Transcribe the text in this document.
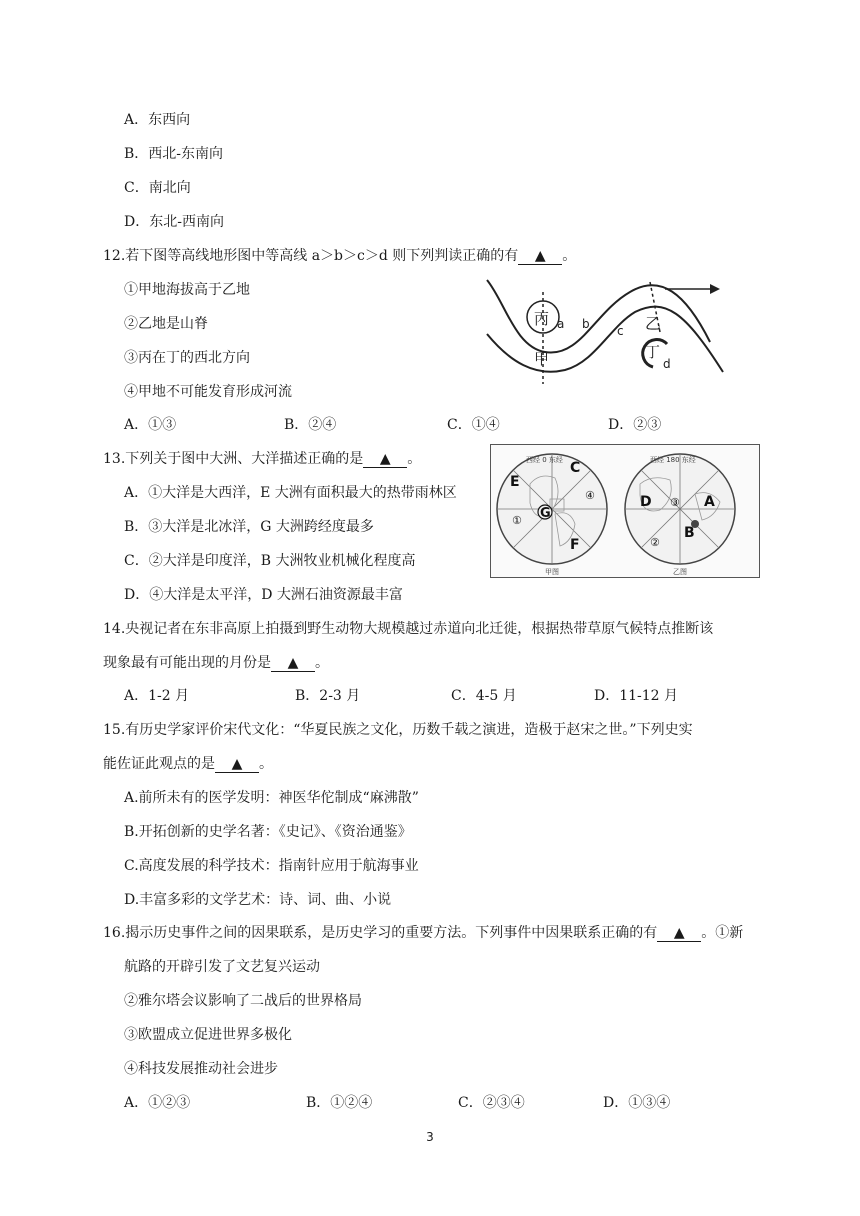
A．东西向
B．西北-东南向
C．南北向
D．东北-西南向
12.若下图等高线地形图中等高线 a＞b＞c＞d 则下列判读正确的有 ▲ 。
①甲地海拔高于乙地
②乙地是山脊
③丙在丁的西北方向
④甲地不可能发育形成河流
A．①③	B．②④	C．①④	D．②③
丙
甲
a b c 乙
丁
d
13.下列关于图中大洲、大洋描述正确的是 ▲ 。
A．①大洋是大西洋，E 大洲有面积最大的热带雨林区
B．③大洋是北冰洋，G 大洲跨经度最多
C．②大洋是印度洋，B 大洲牧业机械化程度高
D．④大洋是太平洋，D 大洲石油资源最丰富
西经 0 东经	西经 180 东经
E
C
G
F
①
④	D ③ A
B
②
甲图	乙图
14.央视记者在东非高原上拍摄到野生动物大规模越过赤道向北迁徙，根据热带草原气候特点推断该
现象最有可能出现的月份是 ▲ 。
A．1-2 月	B．2-3 月	C．4-5 月	D．11-12 月
15.有历史学家评价宋代文化：“华夏民族之文化，历数千载之演进，造极于赵宋之世。”下列史实
能佐证此观点的是 ▲ 。
A.前所未有的医学发明：神医华佗制成“麻沸散”
B.开拓创新的史学名著：《史记》、《资治通鉴》
C.高度发展的科学技术：指南针应用于航海事业
D.丰富多彩的文学艺术：诗、词、曲、小说
16.揭示历史事件之间的因果联系，是历史学习的重要方法。下列事件中因果联系正确的有 ▲ 。①新
航路的开辟引发了文艺复兴运动
②雅尔塔会议影响了二战后的世界格局
③欧盟成立促进世界多极化
④科技发展推动社会进步
A．①②③	B．①②④	C．②③④	D．①③④
3
